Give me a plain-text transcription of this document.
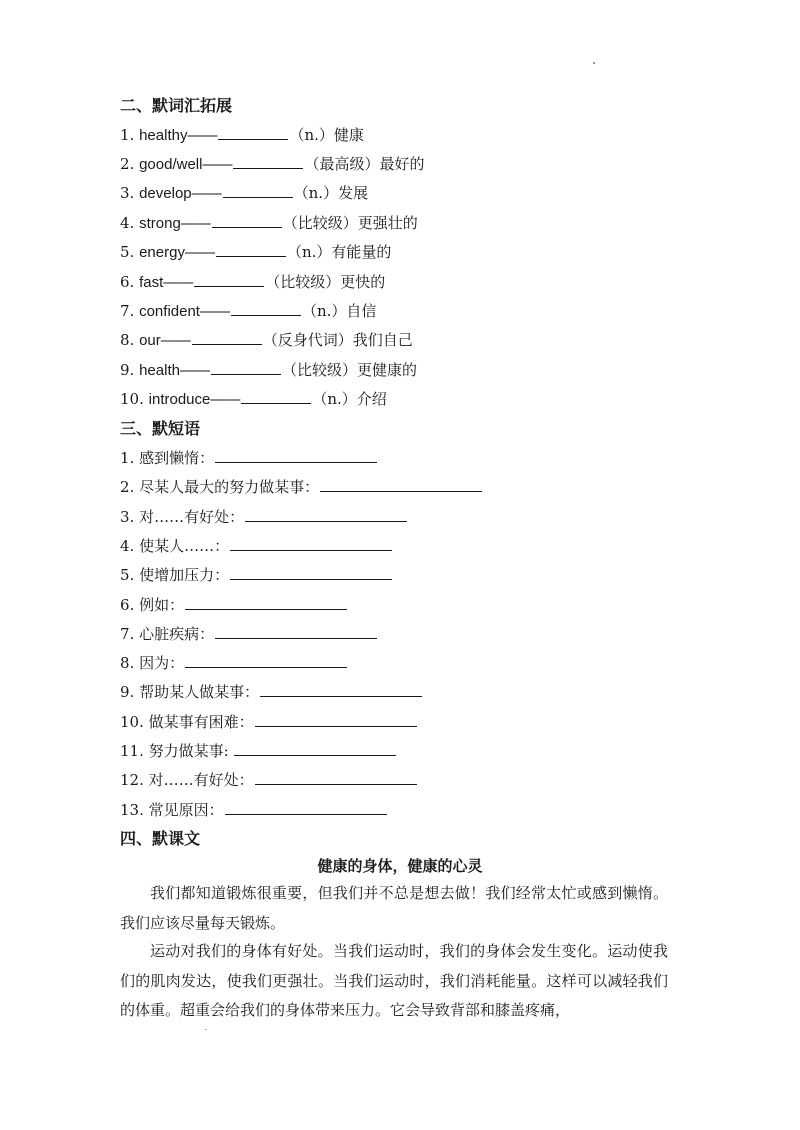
二、默词汇拓展
1. healthy——	（n.）健康
2. good/well——	（最高级）最好的
3. develop——	（n.）发展
4. strong——	（比较级）更强壮的
5. energy——	（n.）有能量的
6. fast——	（比较级）更快的
7. confident——	（n.）自信
8. our——	（反身代词）我们自己
9. health——	（比较级）更健康的
10. introduce——	（n.）介绍
三、默短语
1. 感到懒惰：
2. 尽某人最大的努力做某事：
3. 对……有好处：
4. 使某人……：
5. 使增加压力：
6. 例如：
7. 心脏疾病：
8. 因为：
9. 帮助某人做某事：
10. 做某事有困难：
11. 努力做某事:
12. 对……有好处：
13. 常见原因：
四、默课文
健康的身体，健康的心灵

我们都知道锻炼很重要，但我们并不总是想去做！我们经常太忙或感到懒惰。我们应该尽量每天锻炼。

运动对我们的身体有好处。当我们运动时，我们的身体会发生变化。运动使我们的肌肉发达，使我们更强壮。当我们运动时，我们消耗能量。这样可以减轻我们的体重。超重会给我们的身体带来压力。它会导致背部和膝盖疼痛，
